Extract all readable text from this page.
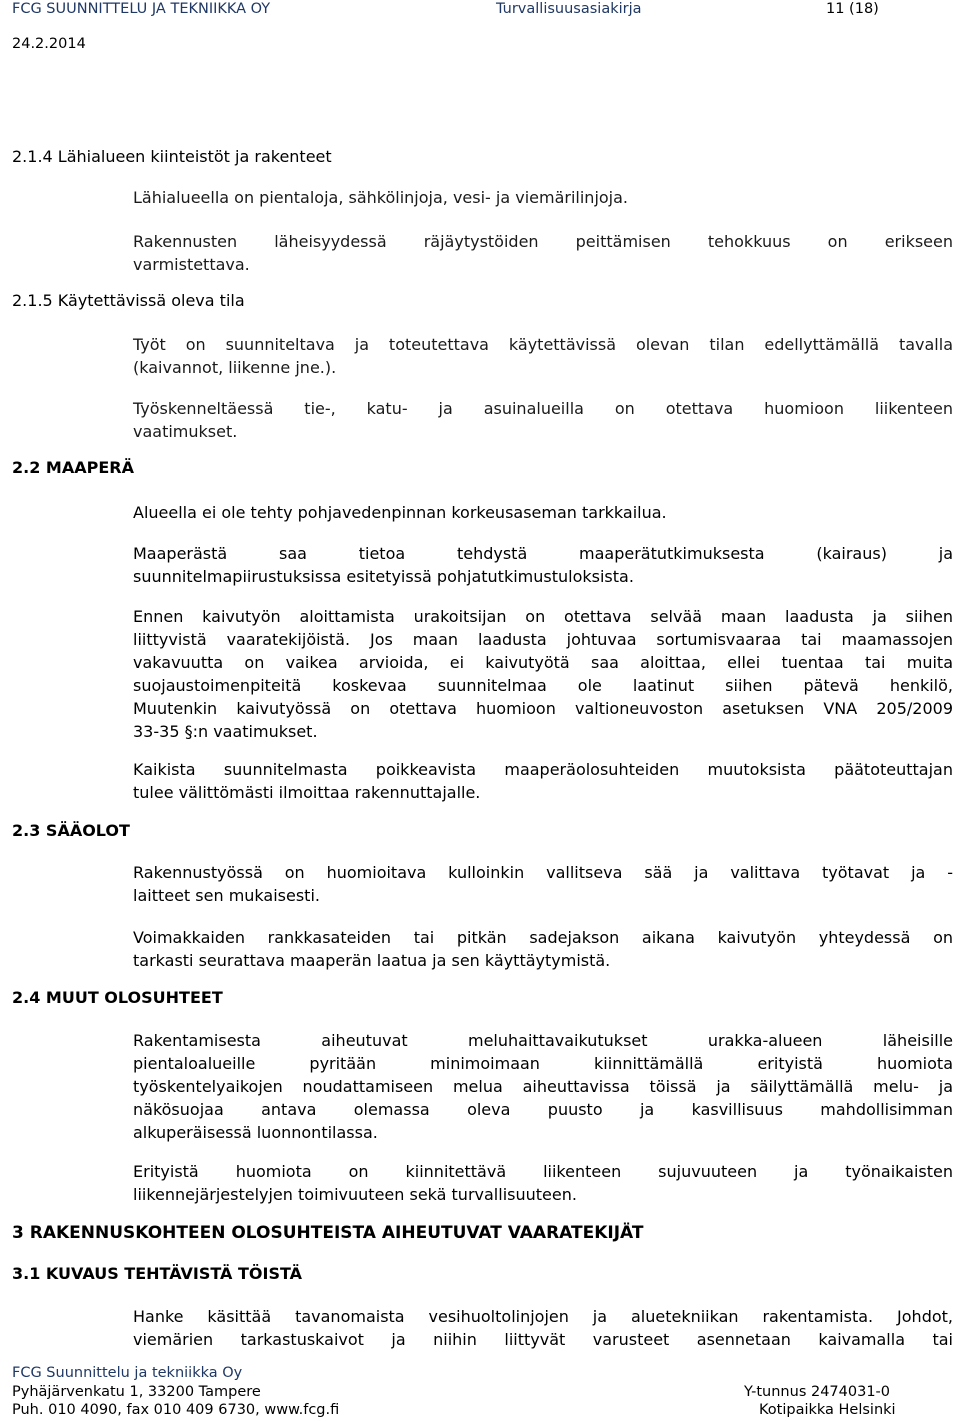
FCG SUUNNITTELU JA TEKNIIKKA OY	Turvallisuusasiakirja	11 (18)
24.2.2014
2.1.4 Lähialueen kiinteistöt ja rakenteet
Lähialueella on pientaloja, sähkölinjoja, vesi- ja viemärilinjoja.
Rakennusten läheisyydessä räjäytystöiden peittämisen tehokkuus on erikseen
varmistettava.
2.1.5 Käytettävissä oleva tila
Työt on suunniteltava ja toteutettava käytettävissä olevan tilan edellyttämällä tavalla
(kaivannot, liikenne jne.).
Työskenneltäessä tie-, katu- ja asuinalueilla on otettava huomioon liikenteen
vaatimukset.
2.2 MAAPERÄ
Alueella ei ole tehty pohjavedenpinnan korkeusaseman tarkkailua.
Maaperästä saa tietoa tehdystä maaperätutkimuksesta (kairaus) ja
suunnitelmapiirustuksissa esitetyissä pohjatutkimustuloksista.
Ennen kaivutyön aloittamista urakoitsijan on otettava selvää maan laadusta ja siihen
liittyvistä vaaratekijöistä. Jos maan laadusta johtuvaa sortumisvaaraa tai maamassojen
vakavuutta on vaikea arvioida, ei kaivutyötä saa aloittaa, ellei tuentaa tai muita
suojaustoimenpiteitä koskevaa suunnitelmaa ole laatinut siihen pätevä henkilö,
Muutenkin kaivutyössä on otettava huomioon valtioneuvoston asetuksen VNA 205/2009
33-35 §:n vaatimukset.
Kaikista suunnitelmasta poikkeavista maaperäolosuhteiden muutoksista päätoteuttajan
tulee välittömästi ilmoittaa rakennuttajalle.
2.3 SÄÄOLOT
Rakennustyössä on huomioitava kulloinkin vallitseva sää ja valittava työtavat ja -
laitteet sen mukaisesti.
Voimakkaiden rankkasateiden tai pitkän sadejakson aikana kaivutyön yhteydessä on
tarkasti seurattava maaperän laatua ja sen käyttäytymistä.
2.4 MUUT OLOSUHTEET
Rakentamisesta aiheutuvat meluhaittavaikutukset urakka-alueen läheisille
pientaloalueille pyritään minimoimaan kiinnittämällä erityistä huomiota
työskentelyaikojen noudattamiseen melua aiheuttavissa töissä ja säilyttämällä melu- ja
näkösuojaa antava olemassa oleva puusto ja kasvillisuus mahdollisimman
alkuperäisessä luonnontilassa.
Erityistä huomiota on kiinnitettävä liikenteen sujuvuuteen ja työnaikaisten
liikennejärjestelyjen toimivuuteen sekä turvallisuuteen.
3 RAKENNUSKOHTEEN OLOSUHTEISTA AIHEUTUVAT VAARATEKIJÄT
3.1 KUVAUS TEHTÄVISTÄ TÖISTÄ
Hanke käsittää tavanomaista vesihuoltolinjojen ja aluetekniikan rakentamista. Johdot,
viemärien tarkastuskaivot ja niihin liittyvät varusteet asennetaan kaivamalla tai
FCG Suunnittelu ja tekniikka Oy
Pyhäjärvenkatu 1, 33200 Tampere
Puh. 010 4090, fax 010 409 6730, www.fcg.fi
Y-tunnus 2474031-0
Kotipaikka Helsinki
